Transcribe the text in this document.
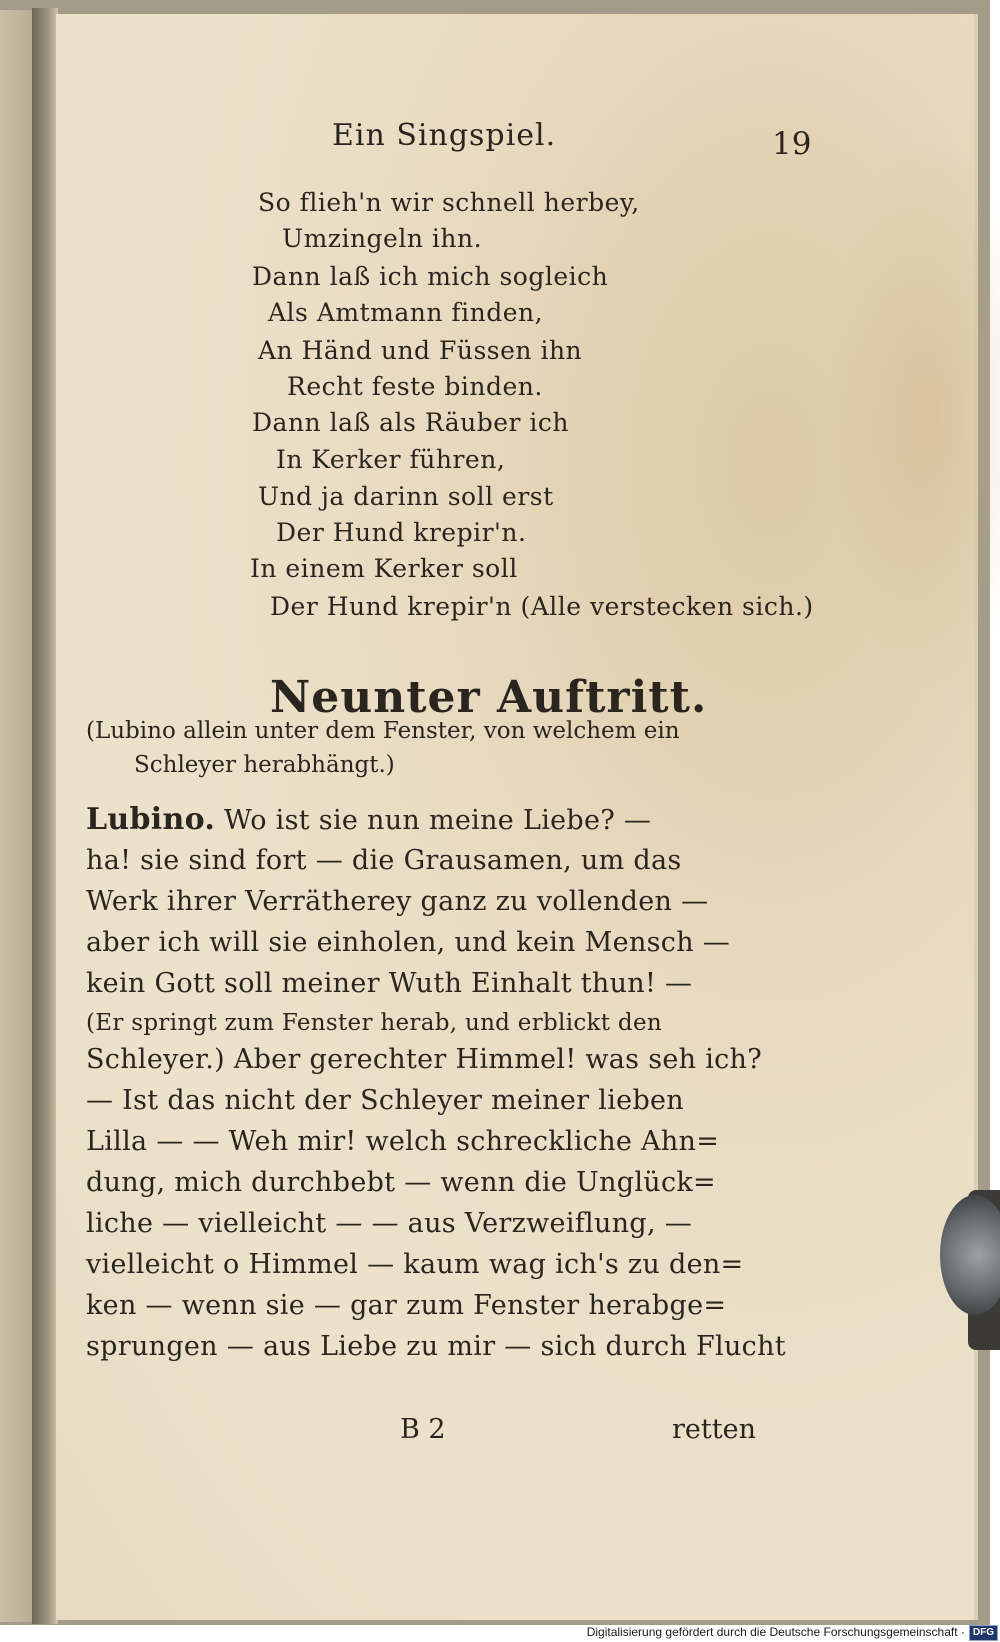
Ein Singspiel.	19
So flieh'n wir schnell herbey,
Umzingeln ihn.
Dann laß ich mich sogleich
Als Amtmann finden,
An Händ und Füssen ihn
Recht feste binden.
Dann laß als Räuber ich
In Kerker führen,
Und ja darinn soll erst
Der Hund krepir'n.
In einem Kerker soll
Der Hund krepir'n (Alle verstecken sich.)
Neunter Auftritt.
(Lubino allein unter dem Fenster, von welchem ein
Schleyer herabhängt.)
Lubino. Wo ist sie nun meine Liebe? —
ha! sie sind fort — die Grausamen, um das
Werk ihrer Verrätherey ganz zu vollenden —
aber ich will sie einholen, und kein Mensch —
kein Gott soll meiner Wuth Einhalt thun! —
(Er springt zum Fenster herab, und erblickt den
Schleyer.) Aber gerechter Himmel! was seh ich?
— Ist das nicht der Schleyer meiner lieben
Lilla — — Weh mir! welch schreckliche Ahn=
dung, mich durchbebt — wenn die Unglück=
liche — vielleicht — — aus Verzweiflung, —
vielleicht o Himmel — kaum wag ich's zu den=
ken — wenn sie — gar zum Fenster herabge=
sprungen — aus Liebe zu mir — sich durch Flucht
B 2	retten
Digitalisierung gefördert durch die Deutsche Forschungsgemeinschaft · DFG
